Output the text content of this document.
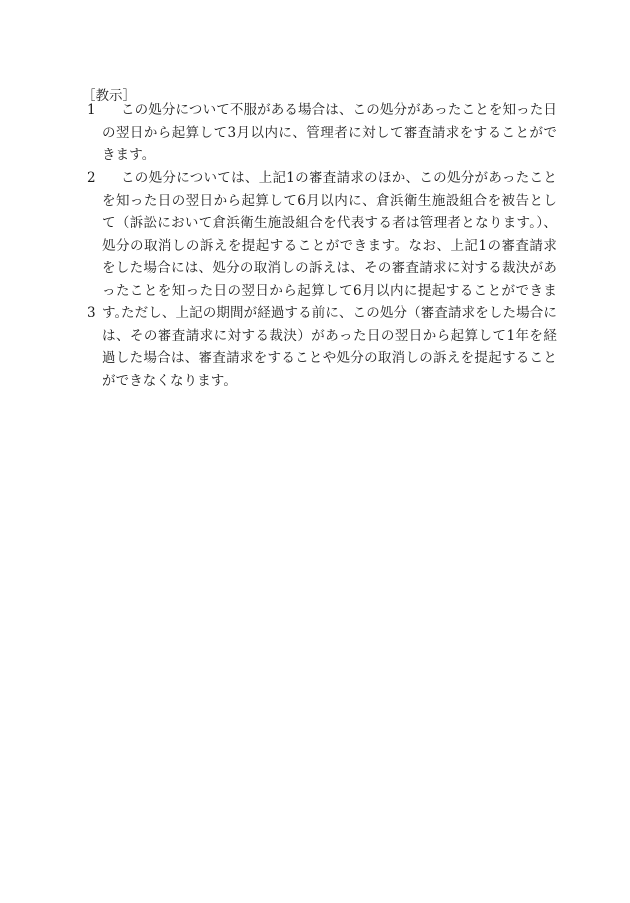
［教示］
1	この処分について不服がある場合は、この処分があったことを知った日の翌日から起算して3月以内に、管理者に対して審査請求をすることができます。

2	この処分については、上記1の審査請求のほか、この処分があったことを知った日の翌日から起算して6月以内に、倉浜衛生施設組合を被告として（訴訟において倉浜衛生施設組合を代表する者は管理者となります。）、処分の取消しの訴えを提起することができます。なお、上記1の審査請求をした場合には、処分の取消しの訴えは、その審査請求に対する裁決があったことを知った日の翌日から起算して6月以内に提起することができます。

3	ただし、上記の期間が経過する前に、この処分（審査請求をした場合には、その審査請求に対する裁決）があった日の翌日から起算して1年を経過した場合は、審査請求をすることや処分の取消しの訴えを提起することができなくなります。
